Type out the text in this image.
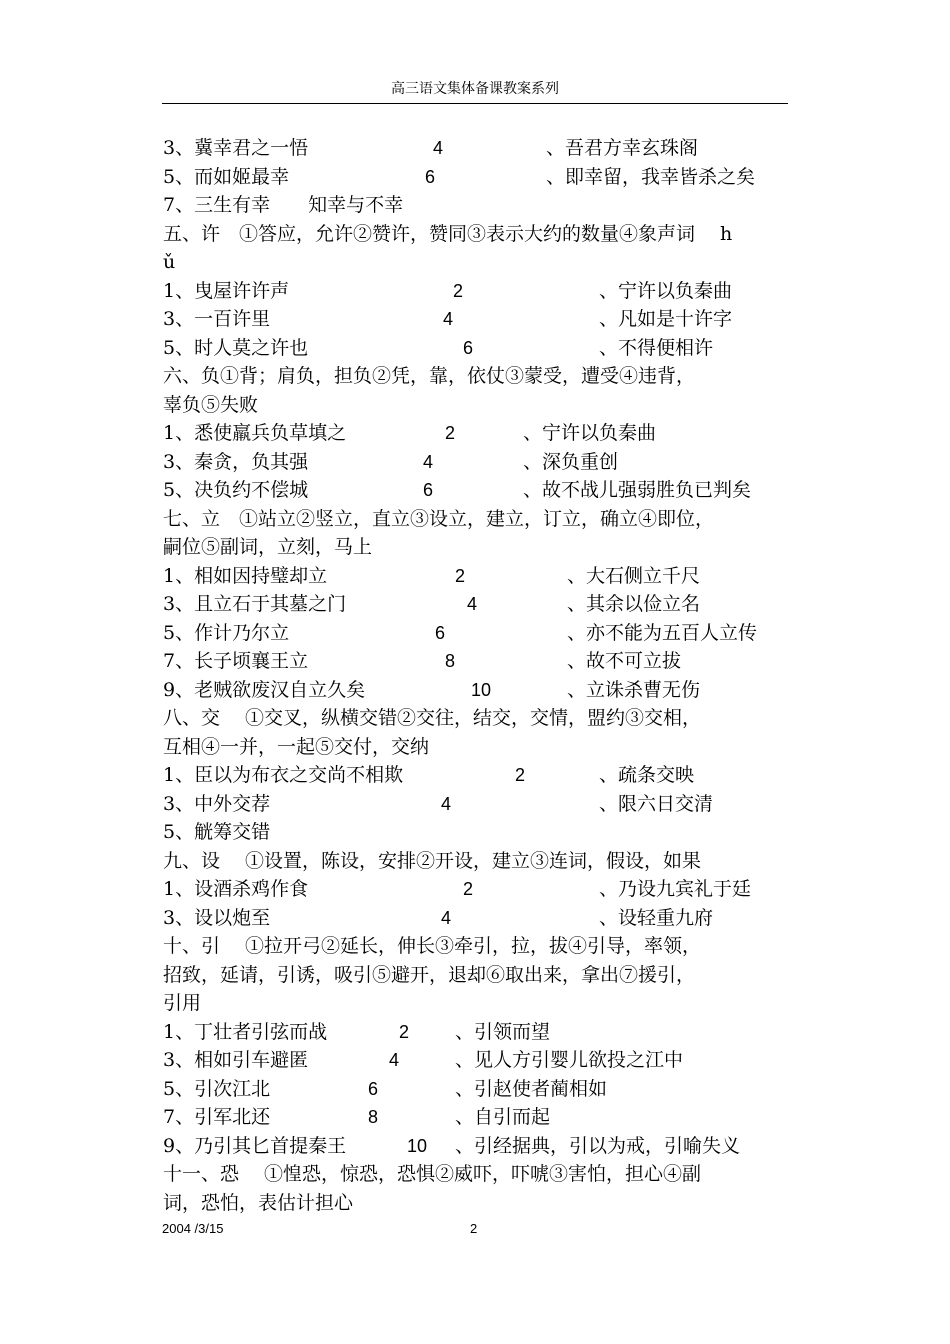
高三语文集体备课教案系列
3、冀幸君之一悟	4	、吾君方幸玄珠阁
5、而如姬最幸	6	、即幸留，我幸皆杀之矣
7、三生有幸　　知幸与不幸
五、许　①答应，允许②赞许，赞同③表示大约的数量④象声词　 h
ǔ
1、曳屋许许声	2	、宁许以负秦曲
3、一百许里	4	、凡如是十许字
5、时人莫之许也	6	、不得便相许
六、负①背；肩负，担负②凭，靠，依仗③蒙受，遭受④违背，
辜负⑤失败
1、悉使羸兵负草填之	2	、宁许以负秦曲
3、秦贪，负其强	4	、深负重创
5、决负约不偿城	6	、故不战儿强弱胜负已判矣
七、立　①站立②竖立，直立③设立，建立，订立，确立④即位，
嗣位⑤副词，立刻，马上
1、相如因持璧却立	2	、大石侧立千尺
3、且立石于其墓之门	4	、其余以俭立名
5、作计乃尔立	6	、亦不能为五百人立传
7、长子顷襄王立	8	、故不可立拔
9、老贼欲废汉自立久矣	10	、立诛杀曹无伤
八、交　 ①交叉，纵横交错②交往，结交，交情，盟约③交相，
互相④一并，一起⑤交付，交纳
1、臣以为布衣之交尚不相欺	2	、疏条交映
3、中外交荐	4	、限六日交清
5、觥筹交错
九、设　 ①设置，陈设，安排②开设，建立③连词，假设，如果
1、设酒杀鸡作食	2	、乃设九宾礼于廷
3、设以炮至	4	、设轻重九府
十、引　 ①拉开弓②延长，伸长③牵引，拉，拔④引导，率领，
招致，延请，引诱，吸引⑤避开，退却⑥取出来，拿出⑦援引，
引用
1、丁壮者引弦而战	2 、引领而望
3、相如引车避匿	4	、见人方引婴儿欲投之江中
5、引次江北	6	、引赵使者蔺相如
7、引军北还	8	、自引而起
9、乃引其匕首提秦王	10 、引经据典，引以为戒，引喻失义
十一、恐　 ①惶恐，惊恐，恐惧②威吓，吓唬③害怕，担心④副
词，恐怕，表估计担心
2004 /3/15	2
